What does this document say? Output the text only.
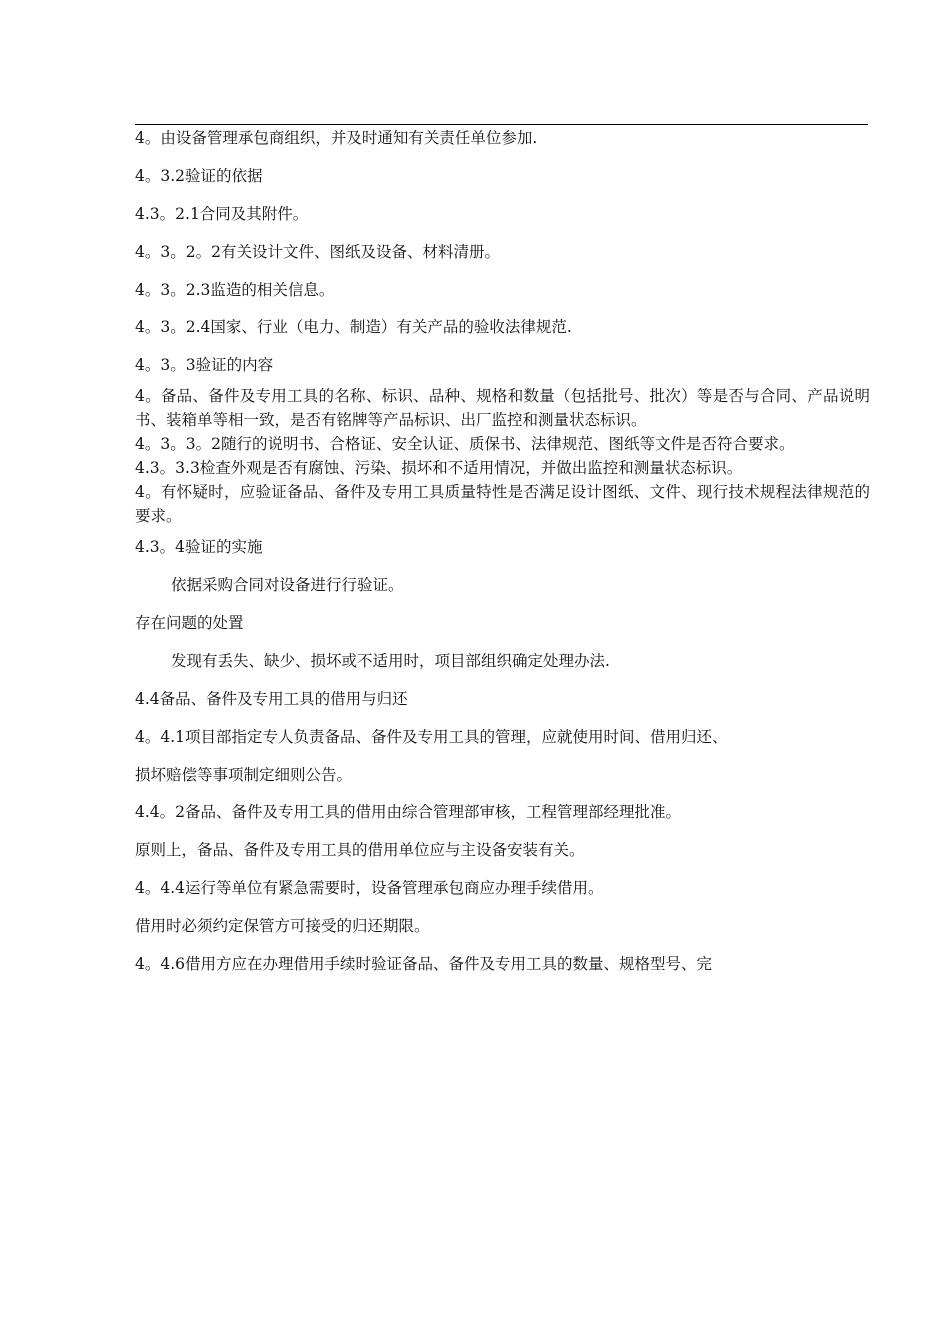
4。由设备管理承包商组织，并及时通知有关责任单位参加.
4。3.2验证的依据
4.3。2.1合同及其附件。
4。3。2。2有关设计文件、图纸及设备、材料清册。
4。3。2.3监造的相关信息。
4。3。2.4国家、行业（电力、制造）有关产品的验收法律规范.
4。3。3验证的内容

4。备品、备件及专用工具的名称、标识、品种、规格和数量（包括批号、批次）等是否与合同、产品说明书、装箱单等相一致，是否有铭牌等产品标识、出厂监控和测量状态标识。

4。3。3。2随行的说明书、合格证、安全认证、质保书、法律规范、图纸等文件是否符合要求。

4.3。3.3检查外观是否有腐蚀、污染、损坏和不适用情况，并做出监控和测量状态标识。

4。有怀疑时，应验证备品、备件及专用工具质量特性是否满足设计图纸、文件、现行技术规程法律规范的要求。

4.3。4验证的实施
依据采购合同对设备进行行验证。
存在问题的处置
发现有丢失、缺少、损坏或不适用时，项目部组织确定处理办法.
4.4备品、备件及专用工具的借用与归还
4。4.1项目部指定专人负责备品、备件及专用工具的管理，应就使用时间、借用归还、
损坏赔偿等事项制定细则公告。
4.4。2备品、备件及专用工具的借用由综合管理部审核，工程管理部经理批准。
原则上，备品、备件及专用工具的借用单位应与主设备安装有关。
4。4.4运行等单位有紧急需要时，设备管理承包商应办理手续借用。
借用时必须约定保管方可接受的归还期限。
4。4.6借用方应在办理借用手续时验证备品、备件及专用工具的数量、规格型号、完
